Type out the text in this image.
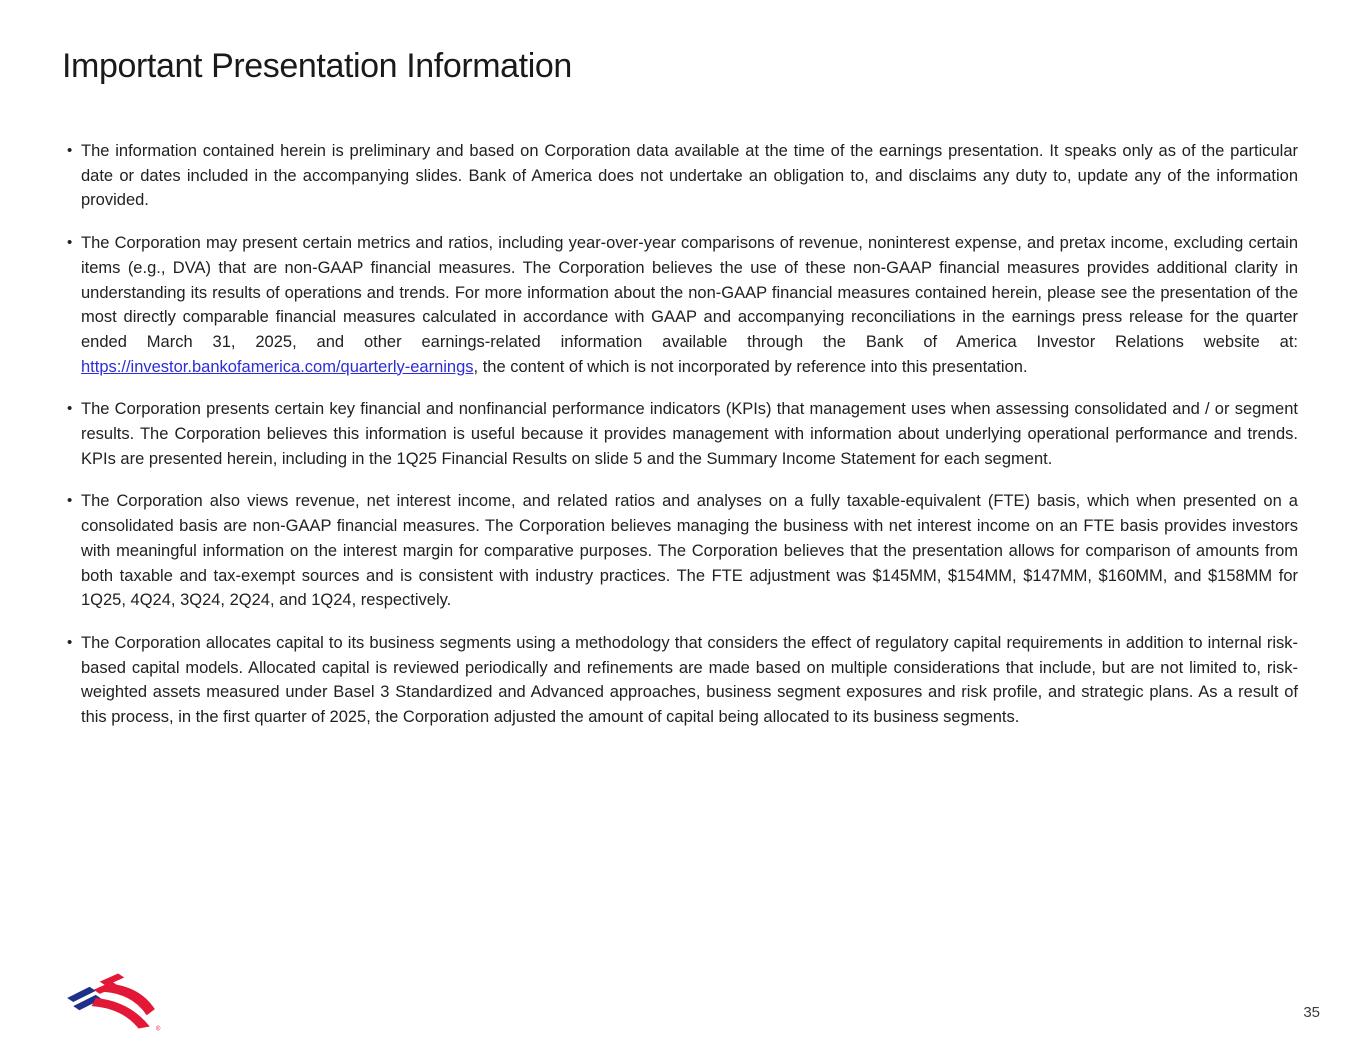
Important Presentation Information
• The information contained herein is preliminary and based on Corporation data available at the time of the earnings presentation. It speaks only as of the particular date or dates included in the accompanying slides. Bank of America does not undertake an obligation to, and disclaims any duty to, update any of the information provided.
• The Corporation may present certain metrics and ratios, including year-over-year comparisons of revenue, noninterest expense, and pretax income, excluding certain items (e.g., DVA) that are non-GAAP financial measures. The Corporation believes the use of these non-GAAP financial measures provides additional clarity in understanding its results of operations and trends. For more information about the non-GAAP financial measures contained herein, please see the presentation of the most directly comparable financial measures calculated in accordance with GAAP and accompanying reconciliations in the earnings press release for the quarter ended March 31, 2025, and other earnings-related information available through the Bank of America Investor Relations website at: https://investor.bankofamerica.com/quarterly-earnings, the content of which is not incorporated by reference into this presentation.
• The Corporation presents certain key financial and nonfinancial performance indicators (KPIs) that management uses when assessing consolidated and / or segment results. The Corporation believes this information is useful because it provides management with information about underlying operational performance and trends. KPIs are presented herein, including in the 1Q25 Financial Results on slide 5 and the Summary Income Statement for each segment.
• The Corporation also views revenue, net interest income, and related ratios and analyses on a fully taxable-equivalent (FTE) basis, which when presented on a consolidated basis are non-GAAP financial measures. The Corporation believes managing the business with net interest income on an FTE basis provides investors with meaningful information on the interest margin for comparative purposes. The Corporation believes that the presentation allows for comparison of amounts from both taxable and tax-exempt sources and is consistent with industry practices. The FTE adjustment was $145MM, $154MM, $147MM, $160MM, and $158MM for 1Q25, 4Q24, 3Q24, 2Q24, and 1Q24, respectively.
• The Corporation allocates capital to its business segments using a methodology that considers the effect of regulatory capital requirements in addition to internal risk-based capital models. Allocated capital is reviewed periodically and refinements are made based on multiple considerations that include, but are not limited to, risk-weighted assets measured under Basel 3 Standardized and Advanced approaches, business segment exposures and risk profile, and strategic plans. As a result of this process, in the first quarter of 2025, the Corporation adjusted the amount of capital being allocated to its business segments.
®
35
